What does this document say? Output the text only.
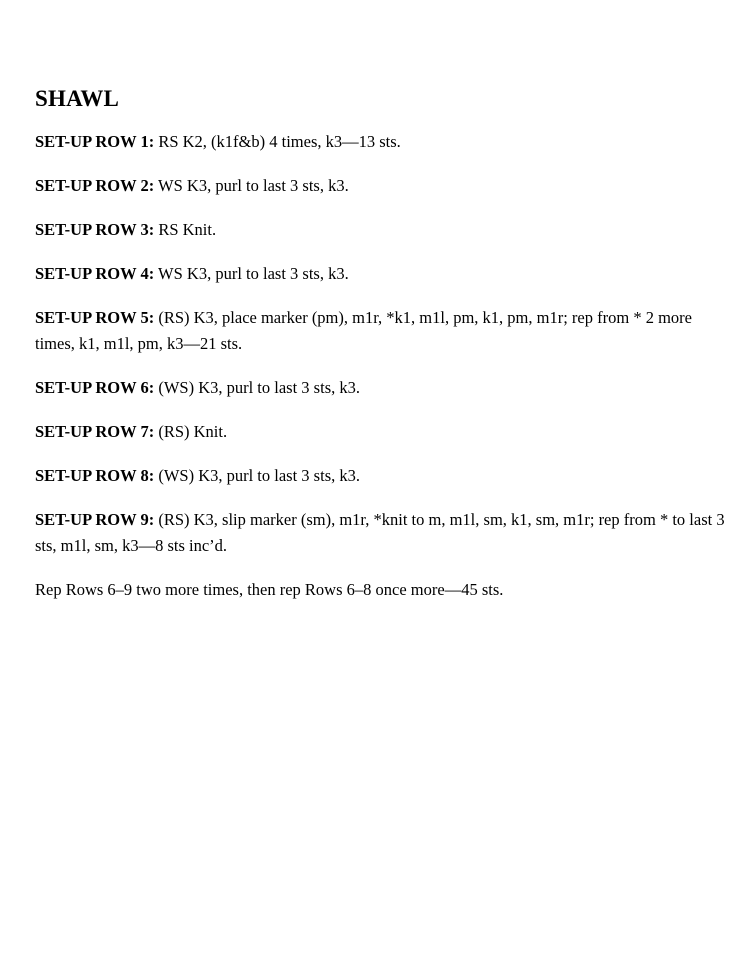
SHAWL

SET-UP ROW 1: RS K2, (k1f&b) 4 times, k3—13 sts.

SET-UP ROW 2: WS K3, purl to last 3 sts, k3.

SET-UP ROW 3: RS Knit.

SET-UP ROW 4: WS K3, purl to last 3 sts, k3.

SET-UP ROW 5: (RS) K3, place marker (pm), m1r, *k1, m1l, pm, k1, pm, m1r; rep from * 2 more times, k1, m1l, pm, k3—21 sts.

SET-UP ROW 6: (WS) K3, purl to last 3 sts, k3.

SET-UP ROW 7: (RS) Knit.

SET-UP ROW 8: (WS) K3, purl to last 3 sts, k3.

SET-UP ROW 9: (RS) K3, slip marker (sm), m1r, *knit to m, m1l, sm, k1, sm, m1r; rep from * to last 3 sts, m1l, sm, k3—8 sts inc’d.

Rep Rows 6–9 two more times, then rep Rows 6–8 once more—45 sts.
